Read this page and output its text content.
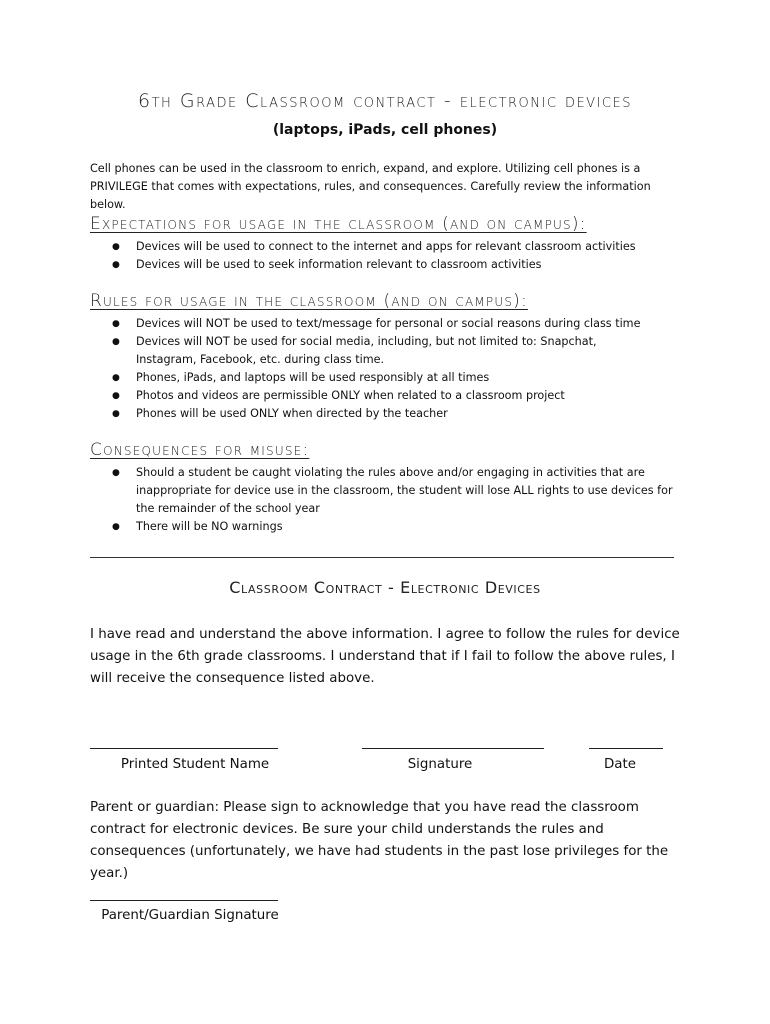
6th Grade Classroom contract - electronic devices
(laptops, iPads, cell phones)
Cell phones can be used in the classroom to enrich, expand, and explore. Utilizing cell phones is a PRIVILEGE that comes with expectations, rules, and consequences. Carefully review the information below.
Expectations for usage in the classroom (and on campus):
● Devices will be used to connect to the internet and apps for relevant classroom activities
● Devices will be used to seek information relevant to classroom activities
Rules for usage in the classroom (and on campus):
● Devices will NOT be used to text/message for personal or social reasons during class time
● Devices will NOT be used for social media, including, but not limited to: Snapchat, Instagram, Facebook, etc. during class time.
● Phones, iPads, and laptops will be used responsibly at all times
● Photos and videos are permissible ONLY when related to a classroom project
● Phones will be used ONLY when directed by the teacher
Consequences for misuse:
● Should a student be caught violating the rules above and/or engaging in activities that are inappropriate for device use in the classroom, the student will lose ALL rights to use devices for the remainder of the school year
● There will be NO warnings
Classroom Contract - Electronic Devices
I have read and understand the above information. I agree to follow the rules for device usage in the 6th grade classrooms. I understand that if I fail to follow the above rules, I will receive the consequence listed above.
Printed Student Name	Signature	Date
Parent or guardian: Please sign to acknowledge that you have read the classroom contract for electronic devices. Be sure your child understands the rules and consequences (unfortunately, we have had students in the past lose privileges for the year.)
Parent/Guardian Signature
